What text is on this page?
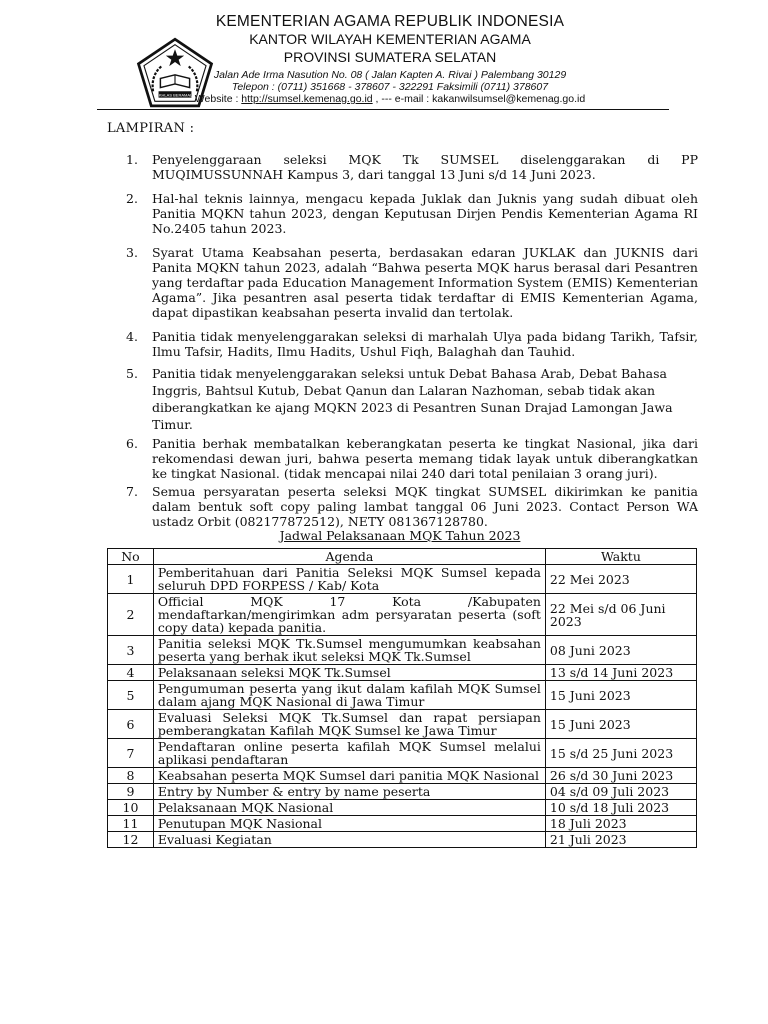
IKHLAS BERAMAL
KEMENTERIAN AGAMA REPUBLIK INDONESIA
KANTOR WILAYAH KEMENTERIAN AGAMA
PROVINSI SUMATERA SELATAN
Jalan Ade Irma Nasution No. 08 ( Jalan Kapten A. Rivai ) Palembang 30129
Telepon : (0711) 351668 - 378607 - 322291 Faksimili (0711) 378607
Website : http://sumsel.kemenag.go.id , --- e-mail : kakanwilsumsel@kemenag.go.id
LAMPIRAN :
1. Penyelenggaraan seleksi MQK Tk SUMSEL diselenggarakan di PP MUQIMUSSUNNAH Kampus 3, dari tanggal 13 Juni s/d 14 Juni 2023.
2. Hal-hal teknis lainnya, mengacu kepada Juklak dan Juknis yang sudah dibuat oleh Panitia MQKN tahun 2023, dengan Keputusan Dirjen Pendis Kementerian Agama RI No.2405 tahun 2023.
3. Syarat Utama Keabsahan peserta, berdasakan edaran JUKLAK dan JUKNIS dari Panita MQKN tahun 2023, adalah “Bahwa peserta MQK harus berasal dari Pesantren yang terdaftar pada Education Management Information System (EMIS) Kementerian Agama”. Jika pesantren asal peserta tidak terdaftar di EMIS Kementerian Agama, dapat dipastikan keabsahan peserta invalid dan tertolak.
4. Panitia tidak menyelenggarakan seleksi di marhalah Ulya pada bidang Tarikh, Tafsir, Ilmu Tafsir, Hadits, Ilmu Hadits, Ushul Fiqh, Balaghah dan Tauhid.
5. Panitia tidak menyelenggarakan seleksi untuk Debat Bahasa Arab, Debat Bahasa Inggris, Bahtsul Kutub, Debat Qanun dan Lalaran Nazhoman, sebab tidak akan diberangkatkan ke ajang MQKN 2023 di Pesantren Sunan Drajad Lamongan Jawa Timur.
6. Panitia berhak membatalkan keberangkatan peserta ke tingkat Nasional, jika dari rekomendasi dewan juri, bahwa peserta memang tidak layak untuk diberangkatkan ke tingkat Nasional. (tidak mencapai nilai 240 dari total penilaian 3 orang juri).
7. Semua persyaratan peserta seleksi MQK tingkat SUMSEL dikirimkan ke panitia dalam bentuk soft copy paling lambat tanggal 06 Juni 2023. Contact Person WA ustadz Orbit (082177872512), NETY 081367128780.
Jadwal Pelaksanaan MQK Tahun 2023
No	Agenda	Waktu
1	Pemberitahuan dari Panitia Seleksi MQK Sumsel kepada seluruh DPD FORPESS / Kab/ Kota	22 Mei 2023
2	Official MQK 17 Kota /Kabupaten mendaftarkan/mengirimkan adm persyaratan peserta (soft copy data) kepada panitia.	22 Mei s/d 06 Juni 2023
3	Panitia seleksi MQK Tk.Sumsel mengumumkan keabsahan peserta yang berhak ikut seleksi MQK Tk.Sumsel	08 Juni 2023
4	Pelaksanaan seleksi MQK Tk.Sumsel	13 s/d 14 Juni 2023
5	Pengumuman peserta yang ikut dalam kafilah MQK Sumsel dalam ajang MQK Nasional di Jawa Timur	15 Juni 2023
6	Evaluasi Seleksi MQK Tk.Sumsel dan rapat persiapan pemberangkatan Kafilah MQK Sumsel ke Jawa Timur	15 Juni 2023
7	Pendaftaran online peserta kafilah MQK Sumsel melalui aplikasi pendaftaran	15 s/d 25 Juni 2023
8	Keabsahan peserta MQK Sumsel dari panitia MQK Nasional	26 s/d 30 Juni 2023
9	Entry by Number & entry by name peserta	04 s/d 09 Juli 2023
10	Pelaksanaan MQK Nasional	10 s/d 18 Juli 2023
11	Penutupan MQK Nasional	18 Juli 2023
12	Evaluasi Kegiatan	21 Juli 2023
